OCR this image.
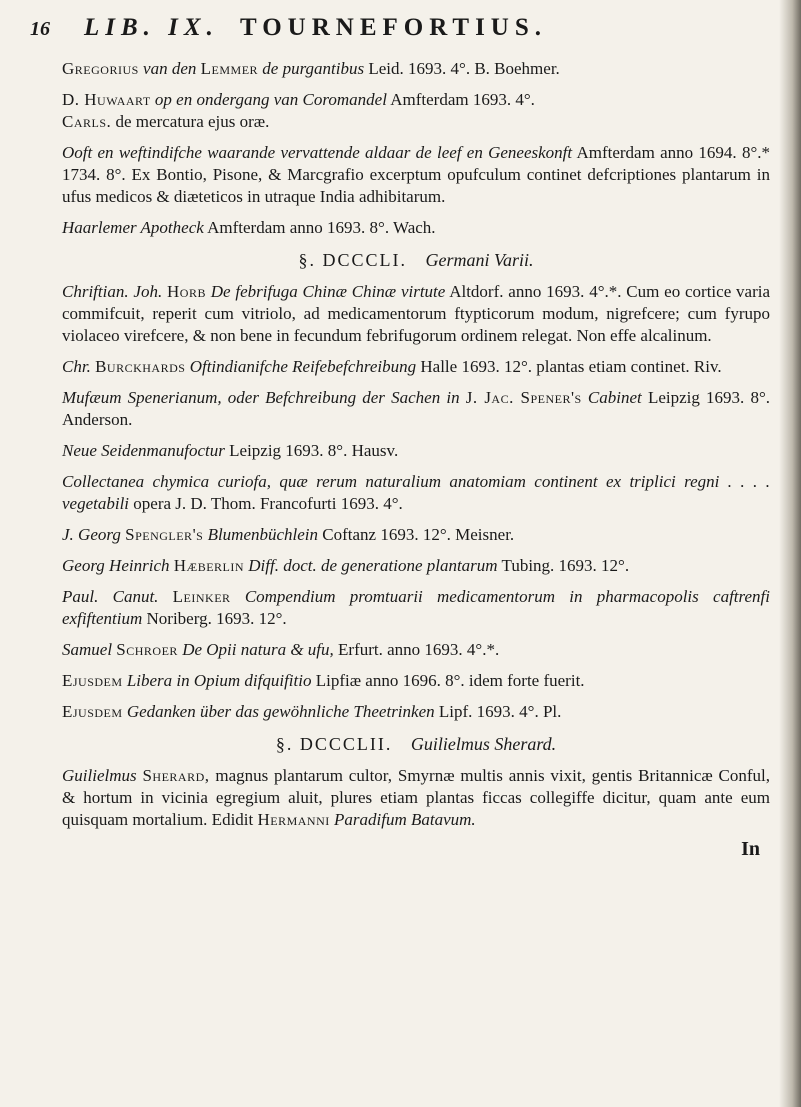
16 LIB. IX. TOURNEFORTIUS.
Gregorius van den Lemmer de purgantibus Leid. 1693. 4°. B. Boehmer.
D. Huwaart op en ondergang van Coromandel Amfterdam 1693. 4°.
Carls. de mercatura ejus oræ.
Ooft en weftindifche waarande vervattende aldaar de leef en Geneeskonft Amfterdam anno 1694. 8°.* 1734. 8°. Ex Bontio, Pisone, & Marcgrafio excerptum opufculum continet defcriptiones plantarum in ufus medicos & diæteticos in utraque India adhibitarum.
Haarlemer Apotheck Amfterdam anno 1693. 8°. Wach.
§. DCCCLI. Germani Varii.
Chriftian. Joh. Horb De febrifuga Chinæ Chinæ virtute Altdorf. anno 1693. 4°.*. Cum eo cortice varia commifcuit, reperit cum vitriolo, ad medicamentorum ftypticorum modum, nigrefcere; cum fyrupo violaceo virefcere, & non bene in fecundum febrifugorum ordinem relegat. Non effe alcalinum.
Chr. Burckhards Oftindianifche Reifebefchreibung Halle 1693. 12°. plantas etiam continet. Riv.
Mufæum Spenerianum, oder Befchreibung der Sachen in J. Jac. Spener's Cabinet Leipzig 1693. 8°. Anderson.
Neue Seidenmanufoctur Leipzig 1693. 8°. Hausv.
Collectanea chymica curiofa, quæ rerum naturalium anatomiam continent ex triplici regni . . . . vegetabili opera J. D. Thom. Francofurti 1693. 4°.
J. Georg Spengler's Blumenbüchlein Coftanz 1693. 12°. Meisner.
Georg Heinrich Hæberlin Diff. doct. de generatione plantarum Tubing. 1693. 12°.
Paul. Canut. Leinker Compendium promtuarii medicamentorum in pharmacopolis caftrenfi exfiftentium Noriberg. 1693. 12°.
Samuel Schroer De Opii natura & ufu, Erfurt. anno 1693. 4°.*.
Ejusdem Libera in Opium difquifitio Lipfiæ anno 1696. 8°. idem forte fuerit.
Ejusdem Gedanken über das gewöhnliche Theetrinken Lipf. 1693. 4°. Pl.
§. DCCCLII. Guilielmus Sherard.
Guilielmus Sherard, magnus plantarum cultor, Smyrnæ multis annis vixit, gentis Britannicæ Conful, & hortum in vicinia egregium aluit, plures etiam plantas ficcas collegiffe dicitur, quam ante eum quisquam mortalium. Edidit Hermanni Paradifum Batavum.
In
